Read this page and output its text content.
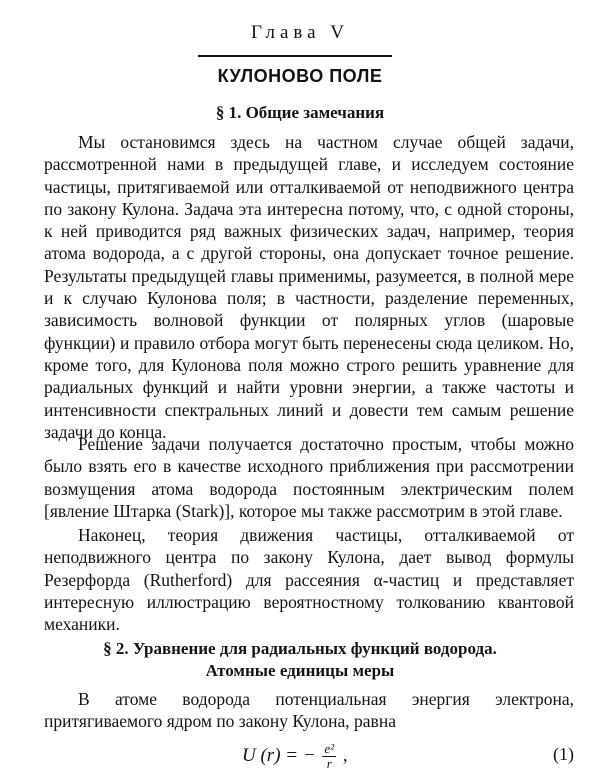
Глава V
КУЛОНОВО ПОЛЕ
§ 1. Общие замечания

Мы остановимся здесь на частном случае общей задачи, рассмотренной нами в предыдущей главе, и исследуем состояние частицы, притягиваемой или отталкиваемой от неподвижного центра по закону Кулона. Задача эта интересна потому, что, с одной стороны, к ней приводится ряд важных физических задач, например, теория атома водорода, а с другой стороны, она допускает точное решение. Результаты предыдущей главы применимы, разумеется, в полной мере и к случаю Кулонова поля; в частности, разделение переменных, зависимость волновой функции от полярных углов (шаровые функции) и правило отбора могут быть перенесены сюда целиком. Но, кроме того, для Кулонова поля можно строго решить уравнение для радиальных функций и найти уровни энергии, а также частоты и интенсивности спектральных линий и довести тем самым решение задачи до конца.

Решение задачи получается достаточно простым, чтобы можно было взять его в качестве исходного приближения при рассмотрении возмущения атома водорода постоянным электрическим полем [явление Штарка (Stark)], которое мы также рассмотрим в этой главе.

Наконец, теория движения частицы, отталкиваемой от неподвижного центра по закону Кулона, дает вывод формулы Резерфорда (Rutherford) для рассеяния α-частиц и представляет интересную иллюстрацию вероятностному толкованию квантовой механики.

§ 2. Уравнение для радиальных функций водорода.
Атомные единицы меры

В атоме водорода потенциальная энергия электрона, притягиваемого ядром по закону Кулона, равна

U (r) = − $\frac{\text{e²}}{r}$ ,	(1)
